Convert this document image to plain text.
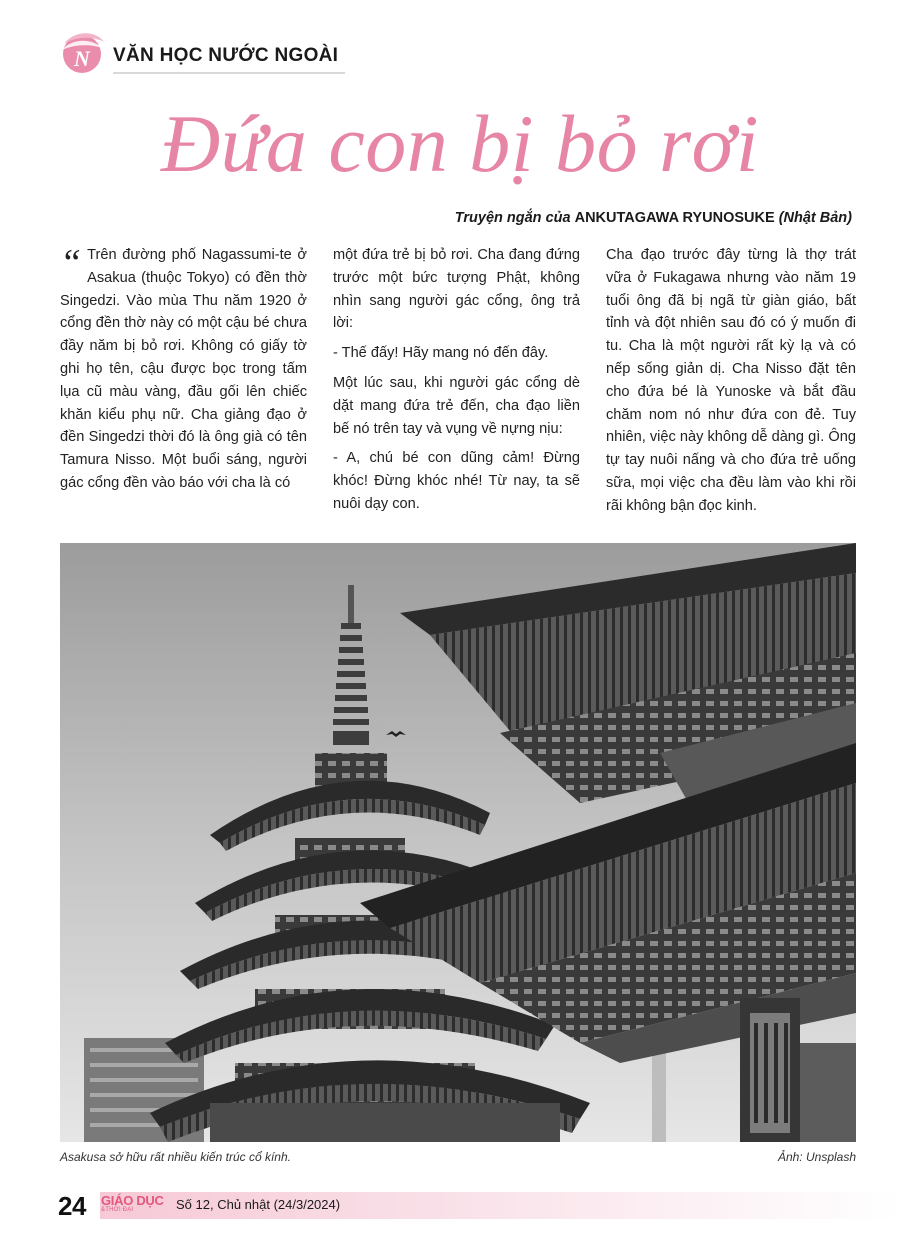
N VĂN HỌC NƯỚC NGOÀI
Đứa con bị bỏ rơi
Truyện ngắn của ANKUTAGAWA RYUNOSUKE (Nhật Bản)

“ Trên đường phố Nagassumi-te ở Asakua (thuộc Tokyo) có đền thờ Singedzi. Vào mùa Thu năm 1920 ở cổng đền thờ này có một cậu bé chưa đầy năm bị bỏ rơi. Không có giấy tờ ghi họ tên, cậu được bọc trong tấm lụa cũ màu vàng, đầu gối lên chiếc khăn kiểu phụ nữ. Cha giảng đạo ở đền Singedzi thời đó là ông già có tên Tamura Nisso. Một buổi sáng, người gác cổng đền vào báo với cha là có

một đứa trẻ bị bỏ rơi. Cha đang đứng trước một bức tượng Phật, không nhìn sang người gác cổng, ông trả lời:

- Thế đấy! Hãy mang nó đến đây.

Một lúc sau, khi người gác cổng dè dặt mang đứa trẻ đến, cha đạo liền bế nó trên tay và vụng về nựng nịu:

- A, chú bé con dũng cảm! Đừng khóc! Đừng khóc nhé! Từ nay, ta sẽ nuôi dạy con.

Cha đạo trước đây từng là thợ trát vữa ở Fukagawa nhưng vào năm 19 tuổi ông đã bị ngã từ giàn giáo, bất tỉnh và đột nhiên sau đó có ý muốn đi tu. Cha là một người rất kỳ lạ và có nếp sống giản dị. Cha Nisso đặt tên cho đứa bé là Yunoske và bắt đầu chăm nom nó như đứa con đẻ. Tuy nhiên, việc này không dễ dàng gì. Ông tự tay nuôi nấng và cho đứa trẻ uống sữa, mọi việc cha đều làm vào khi rồi rãi không bận đọc kinh.

Asakusa sở hữu rất nhiều kiến trúc cổ kính.	Ảnh: Unsplash
24 GIÁO DỤC
&THỜI ĐẠI	Số 12, Chủ nhật (24/3/2024)
